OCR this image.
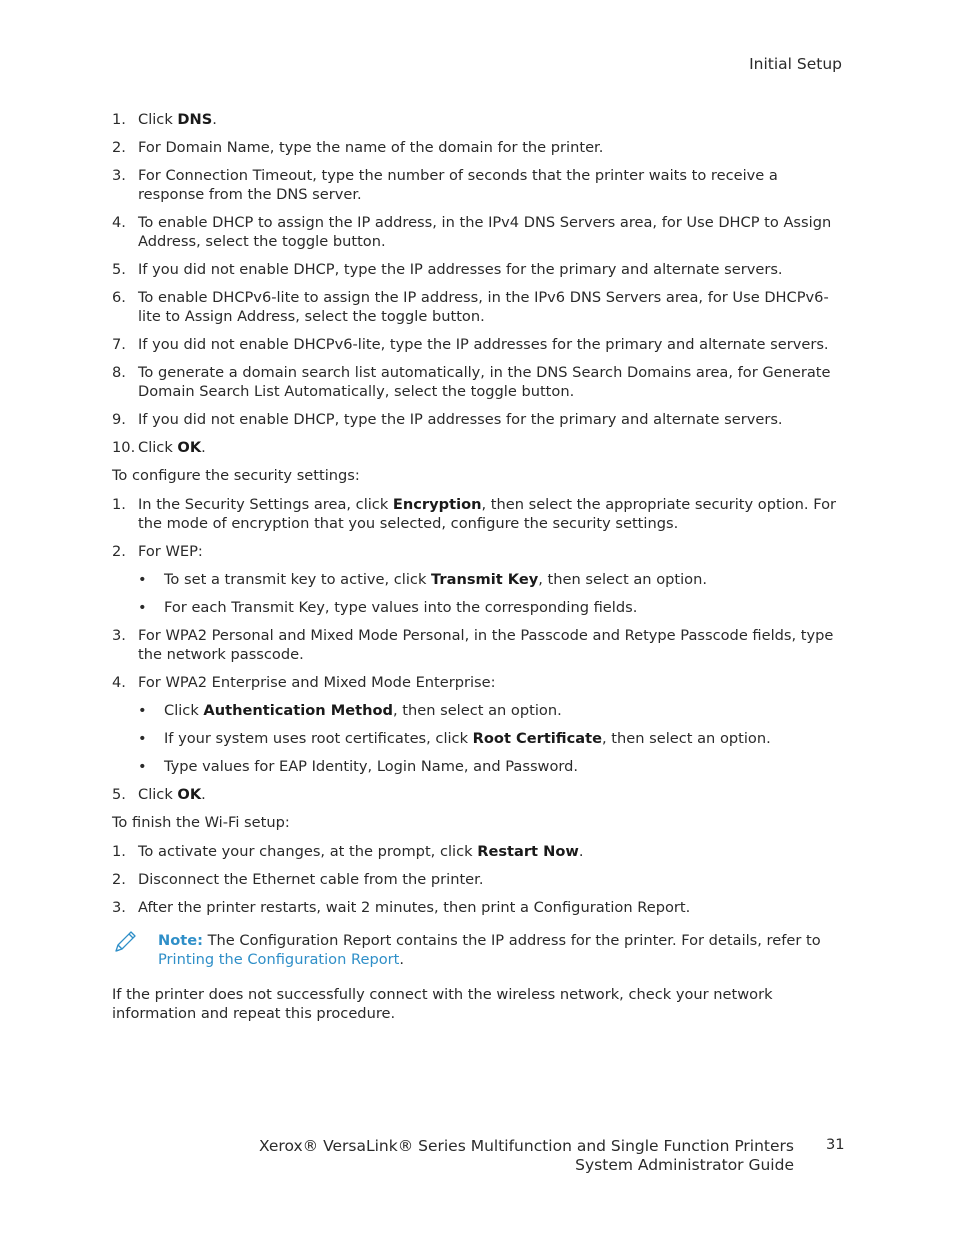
Initial Setup
1. Click DNS.
2. For Domain Name, type the name of the domain for the printer.
3. For Connection Timeout, type the number of seconds that the printer waits to receive a response from the DNS server.
4. To enable DHCP to assign the IP address, in the IPv4 DNS Servers area, for Use DHCP to Assign Address, select the toggle button.
5. If you did not enable DHCP, type the IP addresses for the primary and alternate servers.
6. To enable DHCPv6-lite to assign the IP address, in the IPv6 DNS Servers area, for Use DHCPv6-lite to Assign Address, select the toggle button.
7. If you did not enable DHCPv6-lite, type the IP addresses for the primary and alternate servers.
8. To generate a domain search list automatically, in the DNS Search Domains area, for Generate Domain Search List Automatically, select the toggle button.
9. If you did not enable DHCP, type the IP addresses for the primary and alternate servers.
10. Click OK.

To configure the security settings:

1. In the Security Settings area, click Encryption, then select the appropriate security option. For the mode of encryption that you selected, configure the security settings.
2. For WEP:
• To set a transmit key to active, click Transmit Key, then select an option.
• For each Transmit Key, type values into the corresponding fields.
3. For WPA2 Personal and Mixed Mode Personal, in the Passcode and Retype Passcode fields, type the network passcode.
4. For WPA2 Enterprise and Mixed Mode Enterprise:
• Click Authentication Method, then select an option.
• If your system uses root certificates, click Root Certificate, then select an option.
• Type values for EAP Identity, Login Name, and Password.
5. Click OK.

To finish the Wi-Fi setup:

1. To activate your changes, at the prompt, click Restart Now.
2. Disconnect the Ethernet cable from the printer.
3. After the printer restarts, wait 2 minutes, then print a Configuration Report.
Note: The Configuration Report contains the IP address for the printer. For details, refer to Printing the Configuration Report.

If the printer does not successfully connect with the wireless network, check your network information and repeat this procedure.

Xerox® VersaLink® Series Multifunction and Single Function Printers
System Administrator Guide
31
